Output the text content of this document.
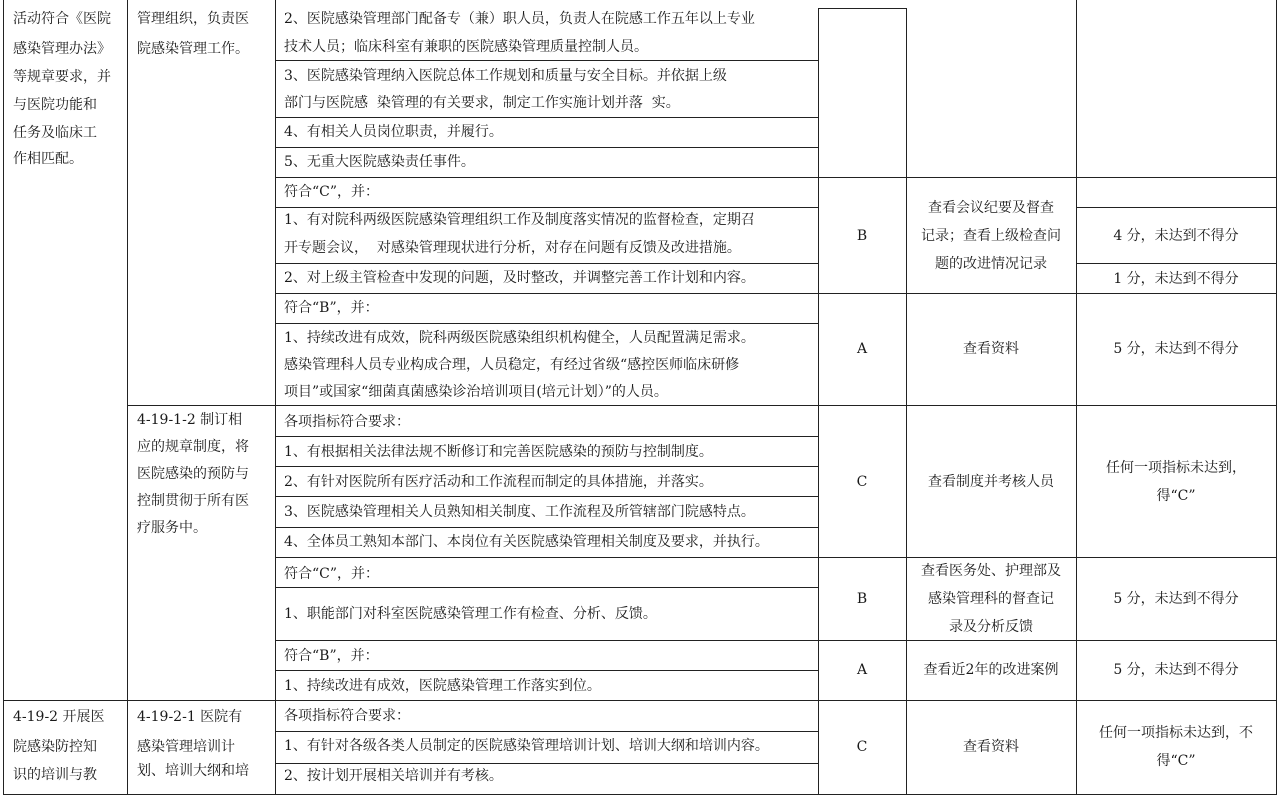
活动符合《医院
感染管理办法》
等规章要求，并
与医院功能和
任务及临床工
作相匹配。
4-19-2 开展医
院感染防控知
识的培训与教
管理组织，负责医
院感染管理工作。
4-19-1-2 制订相
应的规章制度，将
医院感染的预防与
控制贯彻于所有医
疗服务中。
4-19-2-1 医院有
感染管理培训计
划、培训大纲和培
2、医院感染管理部门配备专（兼）职人员，负责人在院感工作五年以上专业
技术人员；临床科室有兼职的医院感染管理质量控制人员。
3、医院感染管理纳入医院总体工作规划和质量与安全目标。并依据上级
部门与医院感  染管理的有关要求，制定工作实施计划并落  实。
4、有相关人员岗位职责，并履行。
5、无重大医院感染责任事件。
符合“C”，并：
1、有对院科两级医院感染管理组织工作及制度落实情况的监督检查，定期召
开专题会议，  对感染管理现状进行分析，对存在问题有反馈及改进措施。
2、对上级主管检查中发现的问题，及时整改，并调整完善工作计划和内容。
符合“B”，并：
1、持续改进有成效，院科两级医院感染组织机构健全，人员配置满足需求。
感染管理科人员专业构成合理，人员稳定，有经过省级“感控医师临床研修
项目”或国家“细菌真菌感染诊治培训项目(培元计划）”的人员。
各项指标符合要求：
1、有根据相关法律法规不断修订和完善医院感染的预防与控制制度。
2、有针对医院所有医疗活动和工作流程而制定的具体措施，并落实。
3、医院感染管理相关人员熟知相关制度、工作流程及所管辖部门院感特点。
4、全体员工熟知本部门、本岗位有关医院感染管理相关制度及要求，并执行。
符合“C”，并：
1、职能部门对科室医院感染管理工作有检查、分析、反馈。
符合“B”，并：
1、持续改进有成效，医院感染管理工作落实到位。
各项指标符合要求：
1、有针对各级各类人员制定的医院感染管理培训计划、培训大纲和培训内容。
2、按计划开展相关培训并有考核。
B
A
C
B
A
C
查看会议纪要及督查
记录；查看上级检查问
题的改进情况记录
查看资料
查看制度并考核人员
查看医务处、护理部及
感染管理科的督查记
录及分析反馈
查看近2年的改进案例
查看资料
4 分，未达到不得分
1 分，未达到不得分
5 分，未达到不得分
任何一项指标未达到，
得“C”
5 分，未达到不得分
5 分，未达到不得分
任何一项指标未达到，不
得“C”
